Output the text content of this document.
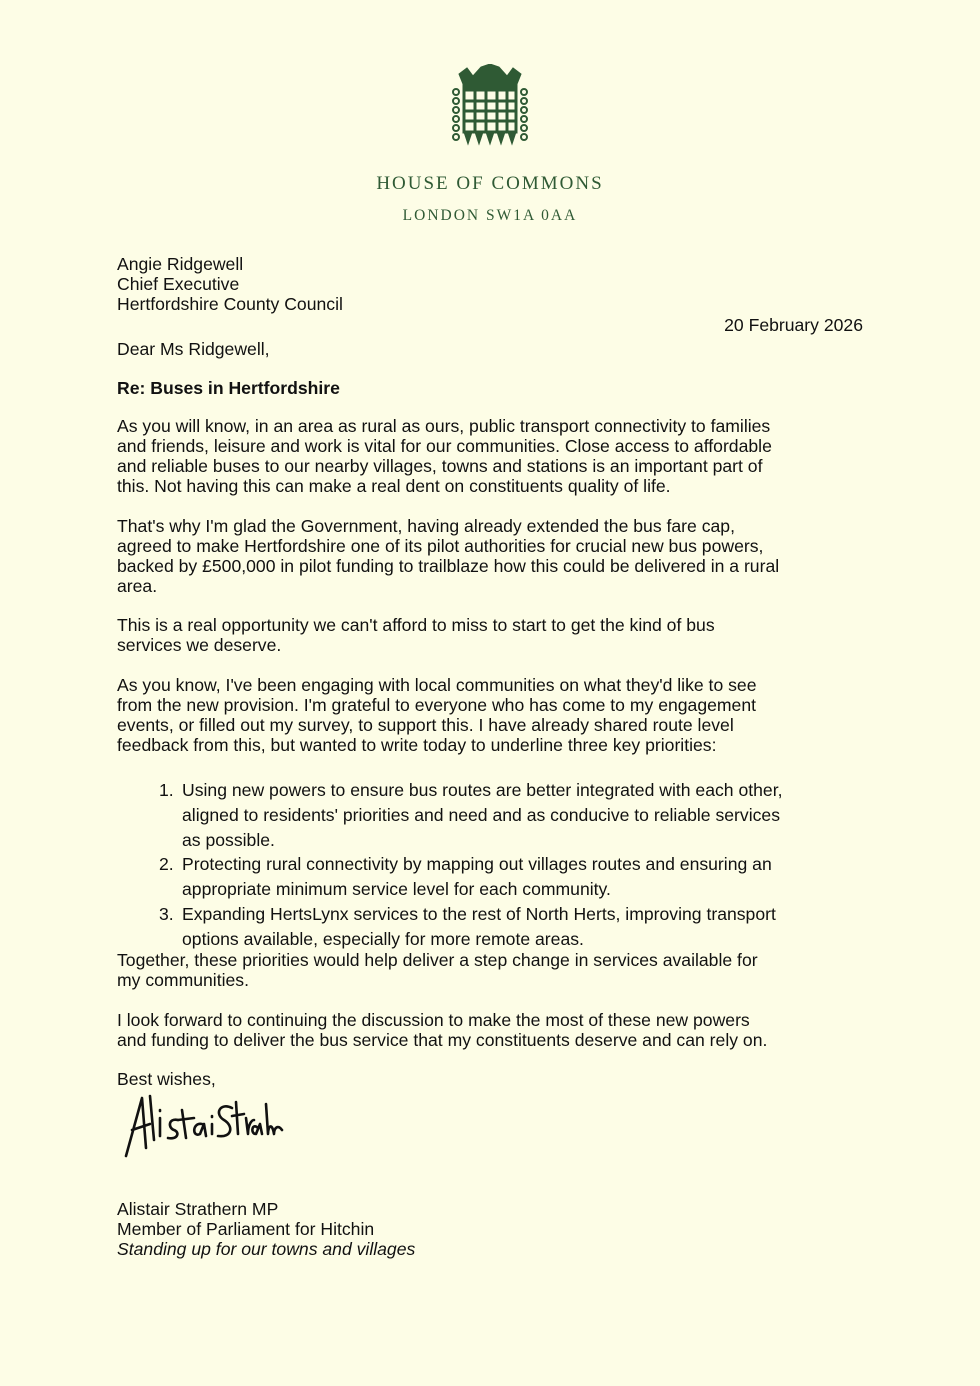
HOUSE OF COMMONS
LONDON SW1A 0AA
Angie Ridgewell
Chief Executive
Hertfordshire County Council
20 February 2026
Dear Ms Ridgewell,
Re: Buses in Hertfordshire
As you will know, in an area as rural as ours, public transport connectivity to families
and friends, leisure and work is vital for our communities. Close access to affordable
and reliable buses to our nearby villages, towns and stations is an important part of
this. Not having this can make a real dent on constituents quality of life.
That's why I'm glad the Government, having already extended the bus fare cap,
agreed to make Hertfordshire one of its pilot authorities for crucial new bus powers,
backed by £500,000 in pilot funding to trailblaze how this could be delivered in a rural
area.
This is a real opportunity we can't afford to miss to start to get the kind of bus
services we deserve.
As you know, I've been engaging with local communities on what they'd like to see
from the new provision. I'm grateful to everyone who has come to my engagement
events, or filled out my survey, to support this. I have already shared route level
feedback from this, but wanted to write today to underline three key priorities:
1. Using new powers to ensure bus routes are better integrated with each other,
aligned to residents' priorities and need and as conducive to reliable services
as possible.
2. Protecting rural connectivity by mapping out villages routes and ensuring an
appropriate minimum service level for each community.
3. Expanding HertsLynx services to the rest of North Herts, improving transport
options available, especially for more remote areas.
Together, these priorities would help deliver a step change in services available for
my communities.
I look forward to continuing the discussion to make the most of these new powers
and funding to deliver the bus service that my constituents deserve and can rely on.
Best wishes,
Alistair Strathern MP
Member of Parliament for Hitchin
Standing up for our towns and villages
